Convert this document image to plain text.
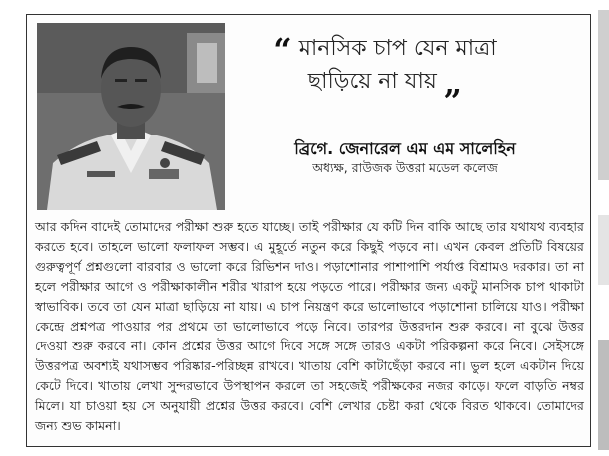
“ মানসিক চাপ যেন মাত্রা
ছাড়িয়ে না যায় „
ব্রিগে. জেনারেল এম এম সালেহিন
অধ্যক্ষ, রাউজক উত্তরা মডেল কলেজ
আর কদিন বাদেই তোমাদের পরীক্ষা শুরু হতে যাচ্ছে। তাই পরীক্ষার যে কটি দিন বাকি আছে তার যথাযথ ব্যবহার করতে হবে। তাহলে ভালো ফলাফল সম্ভব। এ মুহূর্তে নতুন করে কিছুই পড়বে না। এখন কেবল প্রতিটি বিষয়ের গুরুত্বপূর্ণ প্রশ্নগুলো বারবার ও ভালো করে রিভিশন দাও। পড়াশোনার পাশাপাশি পর্যাপ্ত বিশ্রামও দরকার। তা না হলে পরীক্ষার আগে ও পরীক্ষাকালীন শরীর খারাপ হয়ে পড়তে পারে। পরীক্ষার জন্য একটু মানসিক চাপ থাকাটা স্বাভাবিক। তবে তা যেন মাত্রা ছাড়িয়ে না যায়। এ চাপ নিয়ন্ত্রণ করে ভালোভাবে পড়াশোনা চালিয়ে যাও। পরীক্ষা কেন্দ্রে প্রশ্নপত্র পাওয়ার পর প্রথমে তা ভালোভাবে পড়ে নিবে। তারপর উত্তরদান শুরু করবে। না বুঝে উত্তর দেওয়া শুরু করবে না। কোন প্রশ্নের উত্তর আগে দিবে সঙ্গে সঙ্গে তারও একটা পরিকল্পনা করে নিবে। সেইসঙ্গে উত্তরপত্র অবশ্যই যথাসম্ভব পরিষ্কার-পরিচ্ছন্ন রাখবে। খাতায় বেশি কাটাছেঁড়া করবে না। ভুল হলে একটান দিয়ে কেটে দিবে। খাতায় লেখা সুন্দরভাবে উপস্থাপন করলে তা সহজেই পরীক্ষকের নজর কাড়ে। ফলে বাড়তি নম্বর মিলে। যা চাওয়া হয় সে অনুযায়ী প্রশ্নের উত্তর করবে। বেশি লেখার চেষ্টা করা থেকে বিরত থাকবে। তোমাদের জন্য শুভ কামনা।
